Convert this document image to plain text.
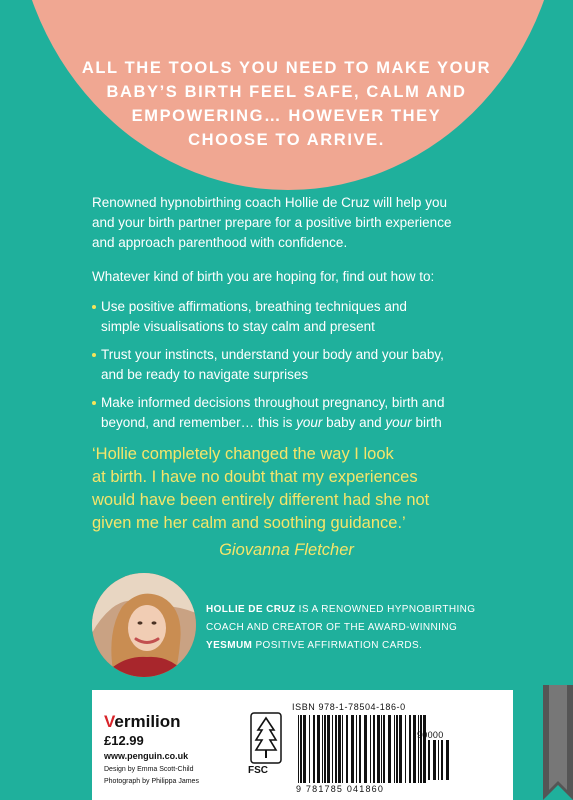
ALL THE TOOLS YOU NEED TO MAKE YOUR
BABY’S BIRTH FEEL SAFE, CALM AND
EMPOWERING… HOWEVER THEY
CHOOSE TO ARRIVE.
Renowned hypnobirthing coach Hollie de Cruz will help you
and your birth partner prepare for a positive birth experience
and approach parenthood with confidence.
Whatever kind of birth you are hoping for, find out how to:
Use positive affirmations, breathing techniques and
simple visualisations to stay calm and present
Trust your instincts, understand your body and your baby,
and be ready to navigate surprises
Make informed decisions throughout pregnancy, birth and
beyond, and remember… this is your baby and your birth
‘Hollie completely changed the way I look
at birth. I have no doubt that my experiences
would have been entirely different had she not
given me her calm and soothing guidance.’
Giovanna Fletcher
HOLLIE DE CRUZ IS A RENOWNED HYPNOBIRTHING
COACH AND CREATOR OF THE AWARD-WINNING
YESMUM POSITIVE AFFIRMATION CARDS.
Vermilion
£12.99
www.penguin.co.uk
Design by Emma Scott-Child
Photograph by Philippa James
FSC
ISBN 978-1-78504-186-0
90000
9 781785 041860
